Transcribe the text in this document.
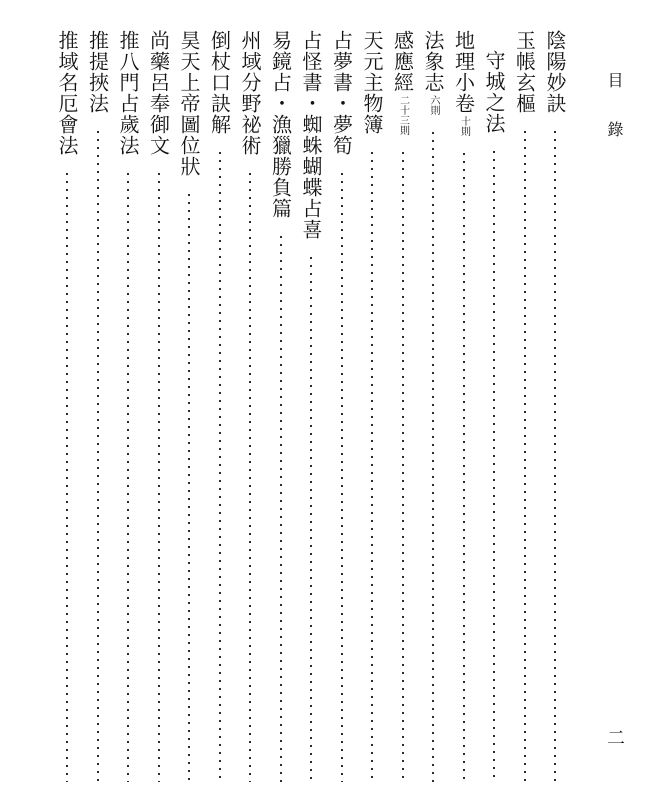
目 錄
陰陽妙訣
玉帳玄樞
守城之法
地理小卷
十則
法象志
六則
感應經
二十三則
天元主物簿
占夢書・夢筍
占怪書・蜘蛛蝴蝶占喜
易鏡占・漁獵勝負篇
州域分野祕術
倒杖口訣解
昊天上帝圖位狀
尚藥呂奉御文
推八門占歲法
推提挾法
推域名厄會法
二
